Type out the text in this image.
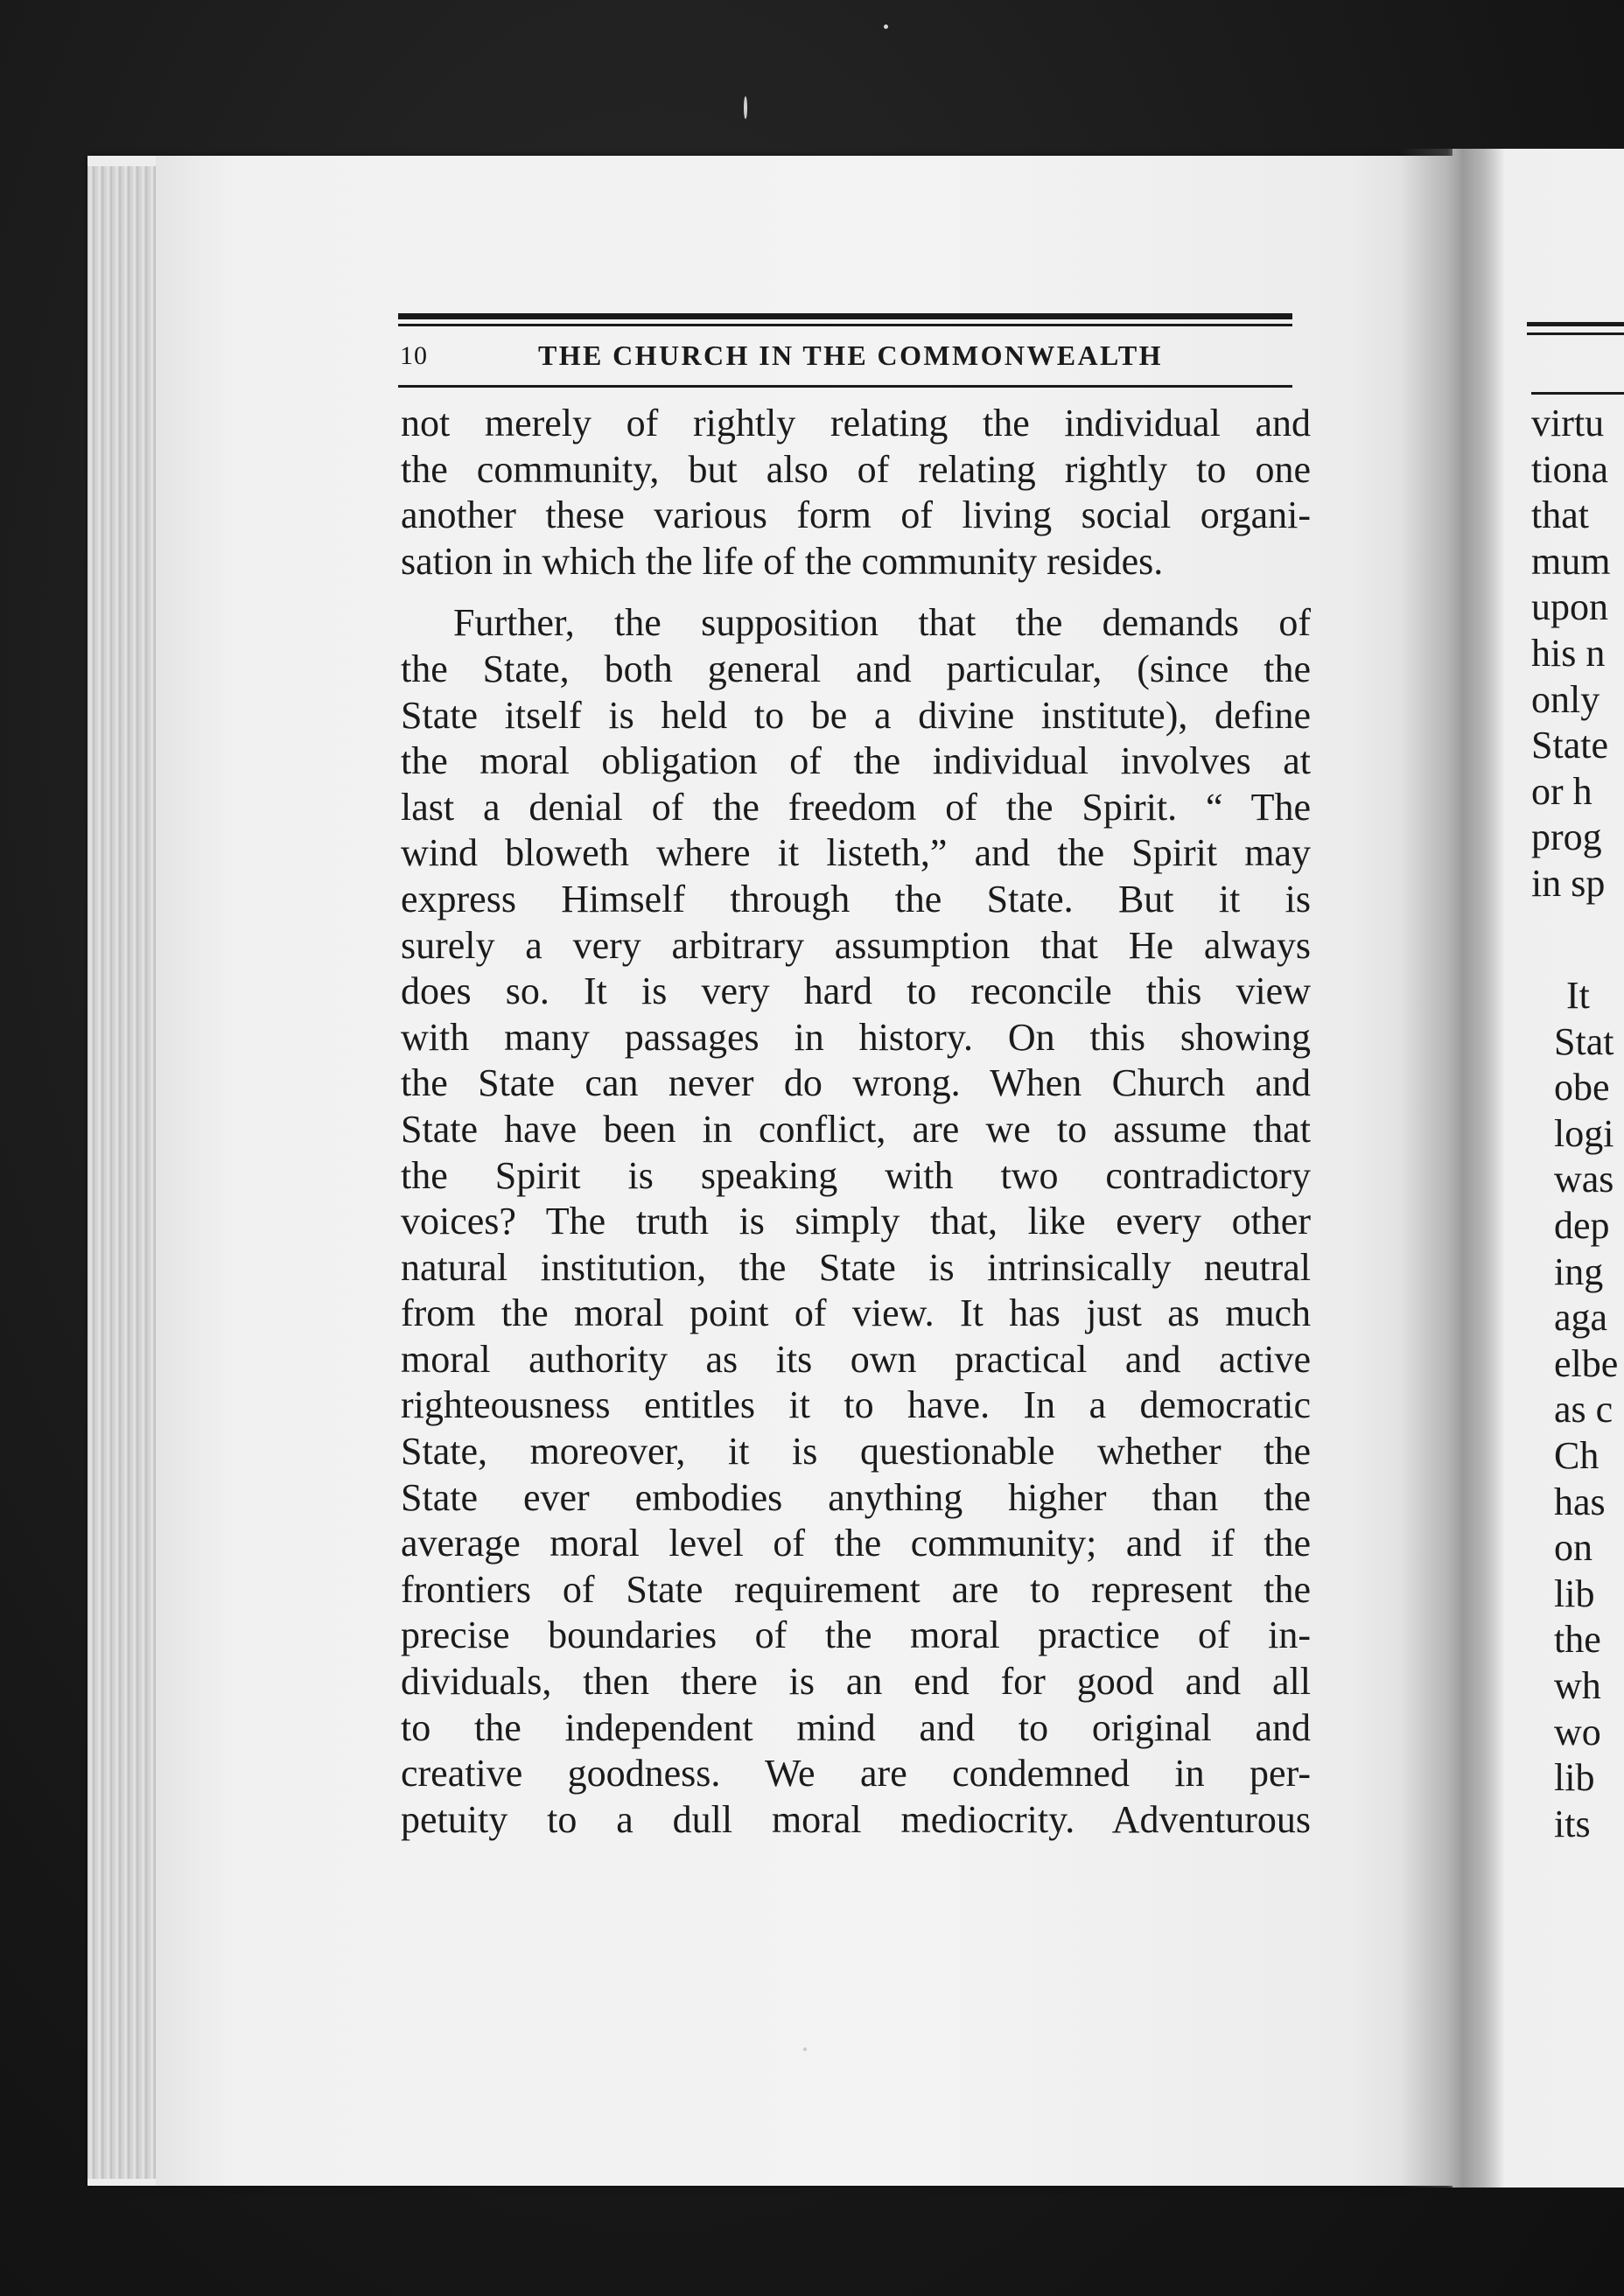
10	THE CHURCH IN THE COMMONWEALTH
not merely of rightly relating the individual and
the community, but also of relating rightly to one
another these various form of living social organi-
sation in which the life of the community resides.
Further, the supposition that the demands of
the State, both general and particular, (since the
State itself is held to be a divine institute), define
the moral obligation of the individual involves at
last a denial of the freedom of the Spirit. “ The
wind bloweth where it listeth,” and the Spirit may
express Himself through the State. But it is
surely a very arbitrary assumption that He always
does so. It is very hard to reconcile this view
with many passages in history. On this showing
the State can never do wrong. When Church and
State have been in conflict, are we to assume that
the Spirit is speaking with two contradictory
voices? The truth is simply that, like every other
natural institution, the State is intrinsically neutral
from the moral point of view. It has just as much
moral authority as its own practical and active
righteousness entitles it to have. In a democratic
State, moreover, it is questionable whether the
State ever embodies anything higher than the
average moral level of the community; and if the
frontiers of State requirement are to represent the
precise boundaries of the moral practice of in-
dividuals, then there is an end for good and all
to the independent mind and to original and
creative goodness. We are condemned in per-
petuity to a dull moral mediocrity. Adventurous
virtu
tiona
that
mum
upon
his n
only
State
or h
prog
in sp
It
Stat
obe
logi
was
dep
ing
aga
elbe
as c
Ch
has
on
lib
the
wh
wo
lib
its
